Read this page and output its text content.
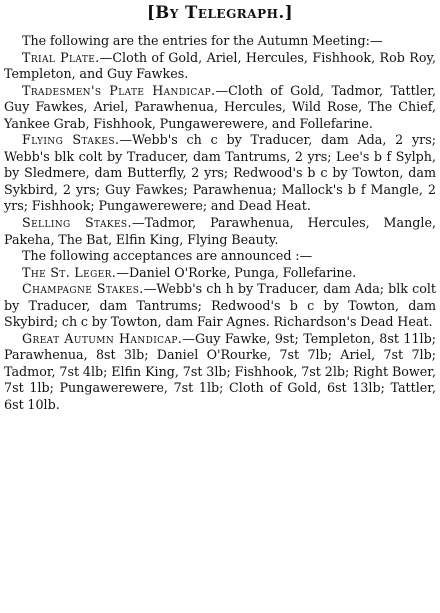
[By Telegraph.]

The following are the entries for the Autumn Meeting:—

Trial Plate.—Cloth of Gold, Ariel, Hercules, Fishhook, Rob Roy, Templeton, and Guy Fawkes.

Tradesmen's Plate Handicap.—Cloth of Gold, Tadmor, Tattler, Guy Fawkes, Ariel, Parawhenua, Hercules, Wild Rose, The Chief, Yankee Grab, Fishhook, Pungawerewere, and Follefarine.

Flying Stakes.—Webb's ch c by Traducer, dam Ada, 2 yrs; Webb's blk colt by Traducer, dam Tantrums, 2 yrs; Lee's b f Sylph, by Sledmere, dam Butterfly, 2 yrs; Redwood's b c by Towton, dam Sykbird, 2 yrs; Guy Fawkes; Parawhenua; Mallock's b f Mangle, 2 yrs; Fishhook; Pungawerewere; and Dead Heat.

Selling Stakes.—Tadmor, Parawhenua, Hercules, Mangle, Pakeha, The Bat, Elfin King, Flying Beauty.

The following acceptances are announced :—

The St. Leger.—Daniel O'Rorke, Punga, Follefarine.

Champagne Stakes.—Webb's ch h by Traducer, dam Ada; blk colt by Traducer, dam Tantrums; Redwood's b c by Towton, dam Skybird; ch c by Towton, dam Fair Agnes. Richardson's Dead Heat.

Great Autumn Handicap.—Guy Fawke, 9st; Templeton, 8st 11lb; Parawhenua, 8st 3lb; Daniel O'Rourke, 7st 7lb; Ariel, 7st 7lb; Tadmor, 7st 4lb; Elfin King, 7st 3lb; Fishhook, 7st 2lb; Right Bower, 7st 1lb; Pungawerewere, 7st 1lb; Cloth of Gold, 6st 13lb; Tattler, 6st 10lb.
